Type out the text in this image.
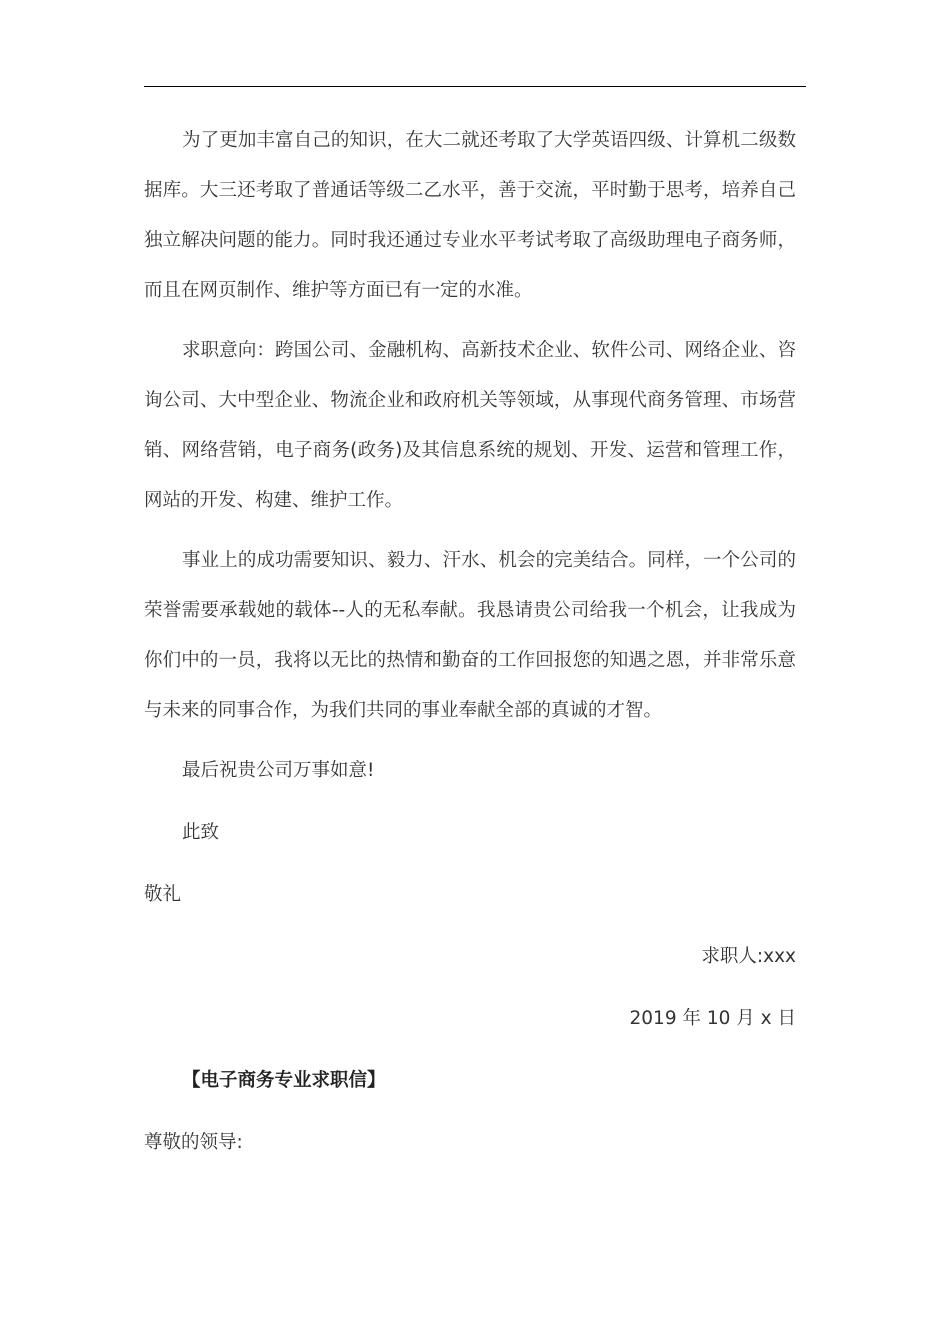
为了更加丰富自己的知识，在大二就还考取了大学英语四级、计算机二级数据库。大三还考取了普通话等级二乙水平，善于交流，平时勤于思考，培养自己独立解决问题的能力。同时我还通过专业水平考试考取了高级助理电子商务师，而且在网页制作、维护等方面已有一定的水准。

求职意向：跨国公司、金融机构、高新技术企业、软件公司、网络企业、咨询公司、大中型企业、物流企业和政府机关等领域，从事现代商务管理、市场营销、网络营销，电子商务(政务)及其信息系统的规划、开发、运营和管理工作，网站的开发、构建、维护工作。

事业上的成功需要知识、毅力、汗水、机会的完美结合。同样，一个公司的荣誉需要承载她的载体--人的无私奉献。我恳请贵公司给我一个机会，让我成为你们中的一员，我将以无比的热情和勤奋的工作回报您的知遇之恩，并非常乐意与未来的同事合作，为我们共同的事业奉献全部的真诚的才智。

最后祝贵公司万事如意!

此致

敬礼

求职人:xxx

2019 年 10 月 x 日

【电子商务专业求职信】

尊敬的领导:
